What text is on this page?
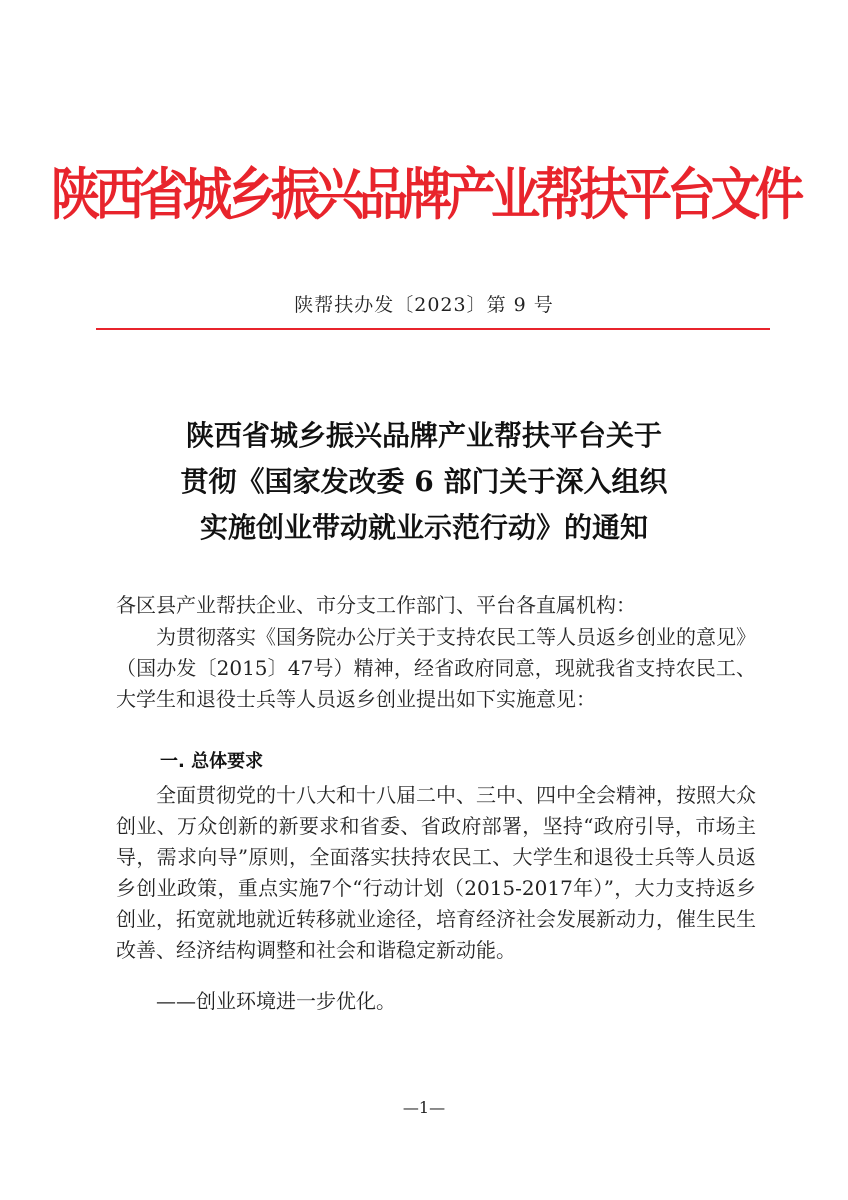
陕西省城乡振兴品牌产业帮扶平台文件
陕帮扶办发〔2023〕第 9 号
陕西省城乡振兴品牌产业帮扶平台关于
贯彻《国家发改委 6 部门关于深入组织
实施创业带动就业示范行动》的通知
各区县产业帮扶企业、市分支工作部门、平台各直属机构：
为贯彻落实《国务院办公厅关于支持农民工等人员返乡创业的意见》（国办发〔2015〕47号）精神，经省政府同意，现就我省支持农民工、大学生和退役士兵等人员返乡创业提出如下实施意见：
一. 总体要求
全面贯彻党的十八大和十八届二中、三中、四中全会精神，按照大众创业、万众创新的新要求和省委、省政府部署，坚持“政府引导，市场主导，需求向导”原则，全面落实扶持农民工、大学生和退役士兵等人员返乡创业政策，重点实施7个“行动计划（2015-2017年）”，大力支持返乡创业，拓宽就地就近转移就业途径，培育经济社会发展新动力，催生民生改善、经济结构调整和社会和谐稳定新动能。
——创业环境进一步优化。
—1—
